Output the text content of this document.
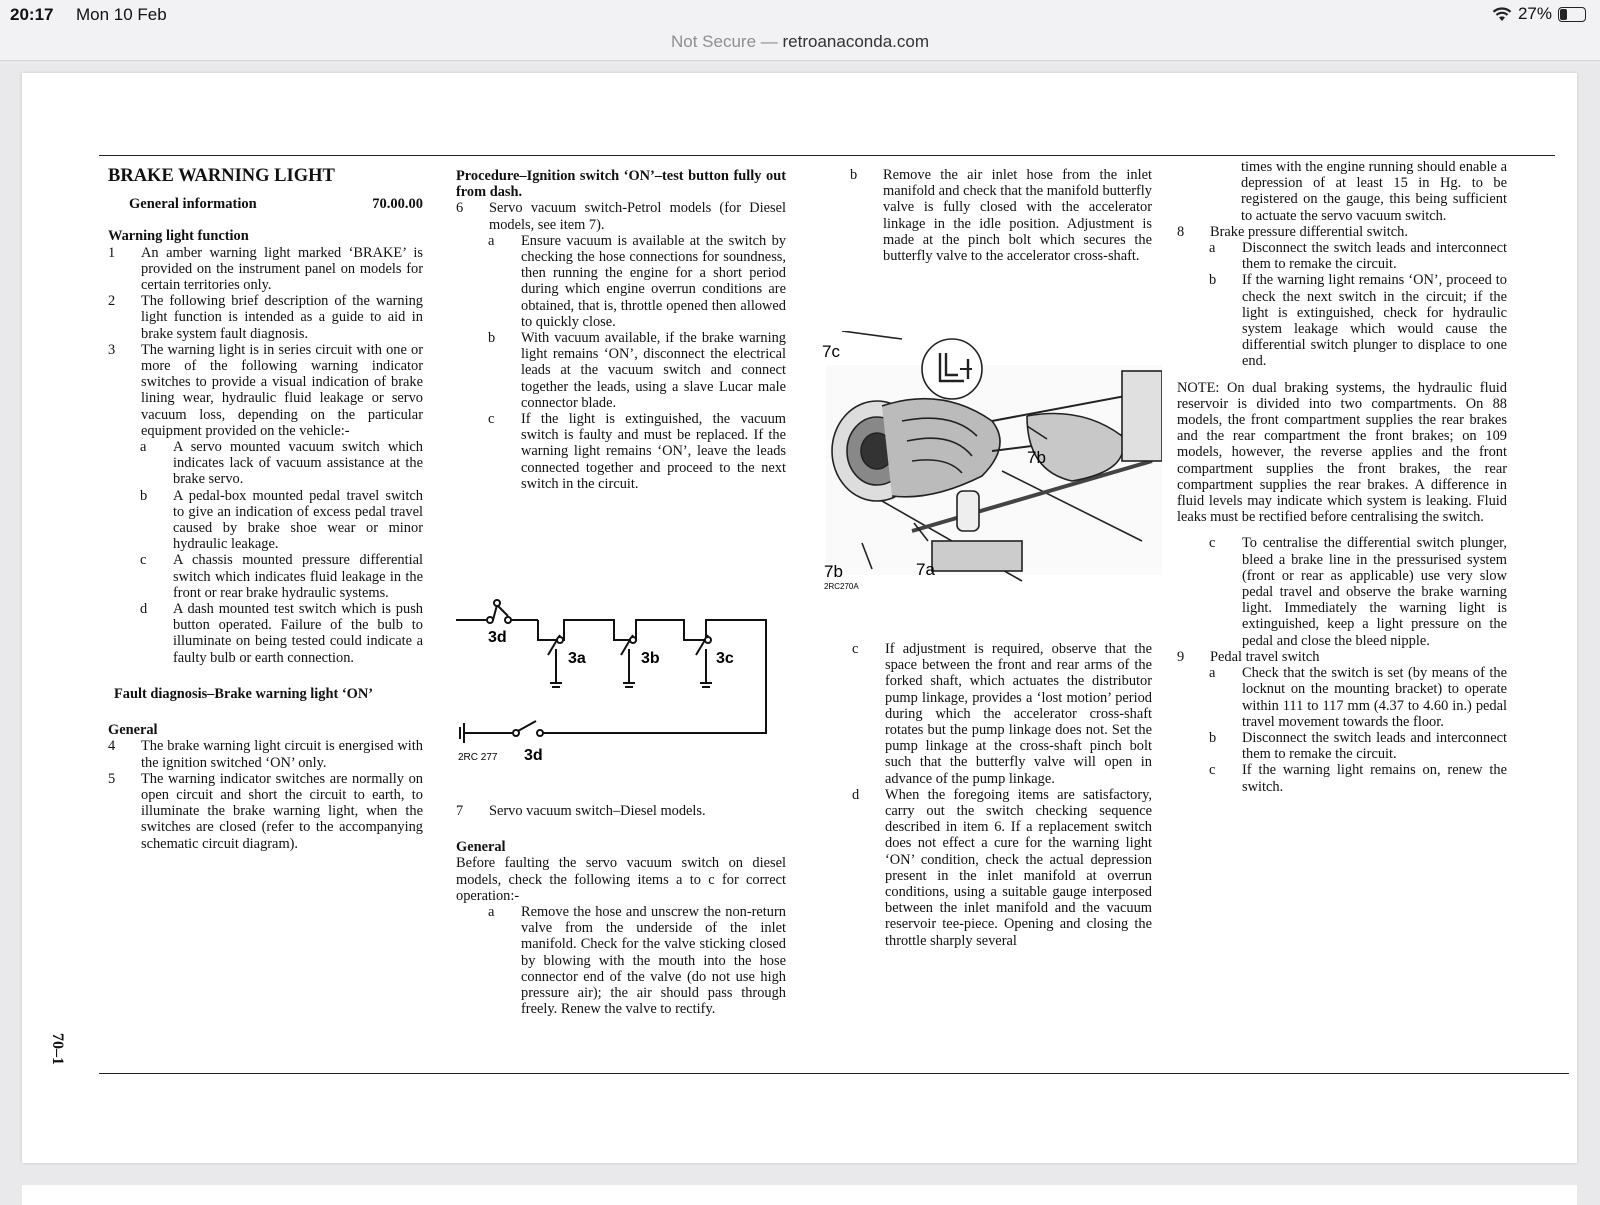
20:17 Mon 10 Feb	27%
Not Secure — retroanaconda.com
70–1

BRAKE WARNING LIGHT

General information	70.00.00

Warning light function

1	An amber warning light marked ‘BRAKE’ is provided on the instrument panel on models for certain territories only.
2	The following brief description of the warning light function is intended as a guide to aid in brake system fault diagnosis.
3	The warning light is in series circuit with one or more of the following warning indicator switches to provide a visual indication of brake lining wear, hydraulic fluid leakage or servo vacuum loss, depending on the particular equipment provided on the vehicle:-
a	A servo mounted vacuum switch which indicates lack of vacuum assistance at the brake servo.
b	A pedal-box mounted pedal travel switch to give an indication of excess pedal travel caused by brake shoe wear or minor hydraulic leakage.
c	A chassis mounted pressure differential switch which indicates fluid leakage in the front or rear brake hydraulic systems.
d	A dash mounted test switch which is push button operated. Failure of the bulb to illuminate on being tested could indicate a faulty bulb or earth connection.

Fault diagnosis–Brake warning light ‘ON’

General

4	The brake warning light circuit is energised with the ignition switched ‘ON’ only.
5	The warning indicator switches are normally on open circuit and short the circuit to earth, to illuminate the brake warning light, when the switches are closed (refer to the accompanying schematic circuit diagram).

Procedure–Ignition switch ‘ON’–test button fully out from dash.

6	Servo vacuum switch-Petrol models (for Diesel models, see item 7).
a	Ensure vacuum is available at the switch by checking the hose connections for soundness, then running the engine for a short period during which engine overrun conditions are obtained, that is, throttle opened then allowed to quickly close.
b	With vacuum available, if the brake warning light remains ‘ON’, disconnect the electrical leads at the vacuum switch and connect together the leads, using a slave Lucar male connector blade.
c	If the light is extinguished, the vacuum switch is faulty and must be replaced. If the warning light remains ‘ON’, leave the leads connected together and proceed to the next switch in the circuit.
3d
3a	3b	3c
3d
2RC 277
7	Servo vacuum switch–Diesel models.

General

Before faulting the servo vacuum switch on diesel models, check the following items a to c for correct operation:-

a	Remove the hose and unscrew the non-return valve from the underside of the inlet manifold. Check for the valve sticking closed by blowing with the mouth into the hose connector end of the valve (do not use high pressure air); the air should pass through freely. Renew the valve to rectify.
b	Remove the air inlet hose from the inlet manifold and check that the manifold butterfly valve is fully closed with the accelerator linkage in the idle position. Adjustment is made at the pinch bolt which secures the butterfly valve to the accelerator cross-shaft.
7c
7b
7b	7a
2RC270A
c	If adjustment is required, observe that the space between the front and rear arms of the forked shaft, which actuates the distributor pump linkage, provides a ‘lost motion’ period during which the accelerator cross-shaft rotates but the pump linkage does not. Set the pump linkage at the cross-shaft pinch bolt such that the butterfly valve will open in advance of the pump linkage.
d	When the foregoing items are satisfactory, carry out the switch checking sequence described in item 6. If a replacement switch does not effect a cure for the warning light ‘ON’ condition, check the actual depression present in the inlet manifold at overrun conditions, using a suitable gauge interposed between the inlet manifold and the vacuum reservoir tee-piece. Opening and closing the throttle sharply several

times with the engine running should enable a depression of at least 15 in Hg. to be registered on the gauge, this being sufficient to actuate the servo vacuum switch.

8	Brake pressure differential switch.
a	Disconnect the switch leads and interconnect them to remake the circuit.
b	If the warning light remains ‘ON’, proceed to check the next switch in the circuit; if the light is extinguished, check for hydraulic system leakage which would cause the differential switch plunger to displace to one end.

NOTE: On dual braking systems, the hydraulic fluid reservoir is divided into two compartments. On 88 models, the front compartment supplies the rear brakes and the rear compartment the front brakes; on 109 models, however, the reverse applies and the front compartment supplies the front brakes, the rear compartment supplies the rear brakes. A difference in fluid levels may indicate which system is leaking. Fluid leaks must be rectified before centralising the switch.

c	To centralise the differential switch plunger, bleed a brake line in the pressurised system (front or rear as applicable) use very slow pedal travel and observe the brake warning light. Immediately the warning light is extinguished, keep a light pressure on the pedal and close the bleed nipple.
9	Pedal travel switch
a	Check that the switch is set (by means of the locknut on the mounting bracket) to operate within 111 to 117 mm (4.37 to 4.60 in.) pedal travel movement towards the floor.
b	Disconnect the switch leads and interconnect them to remake the circuit.
c	If the warning light remains on, renew the switch.
